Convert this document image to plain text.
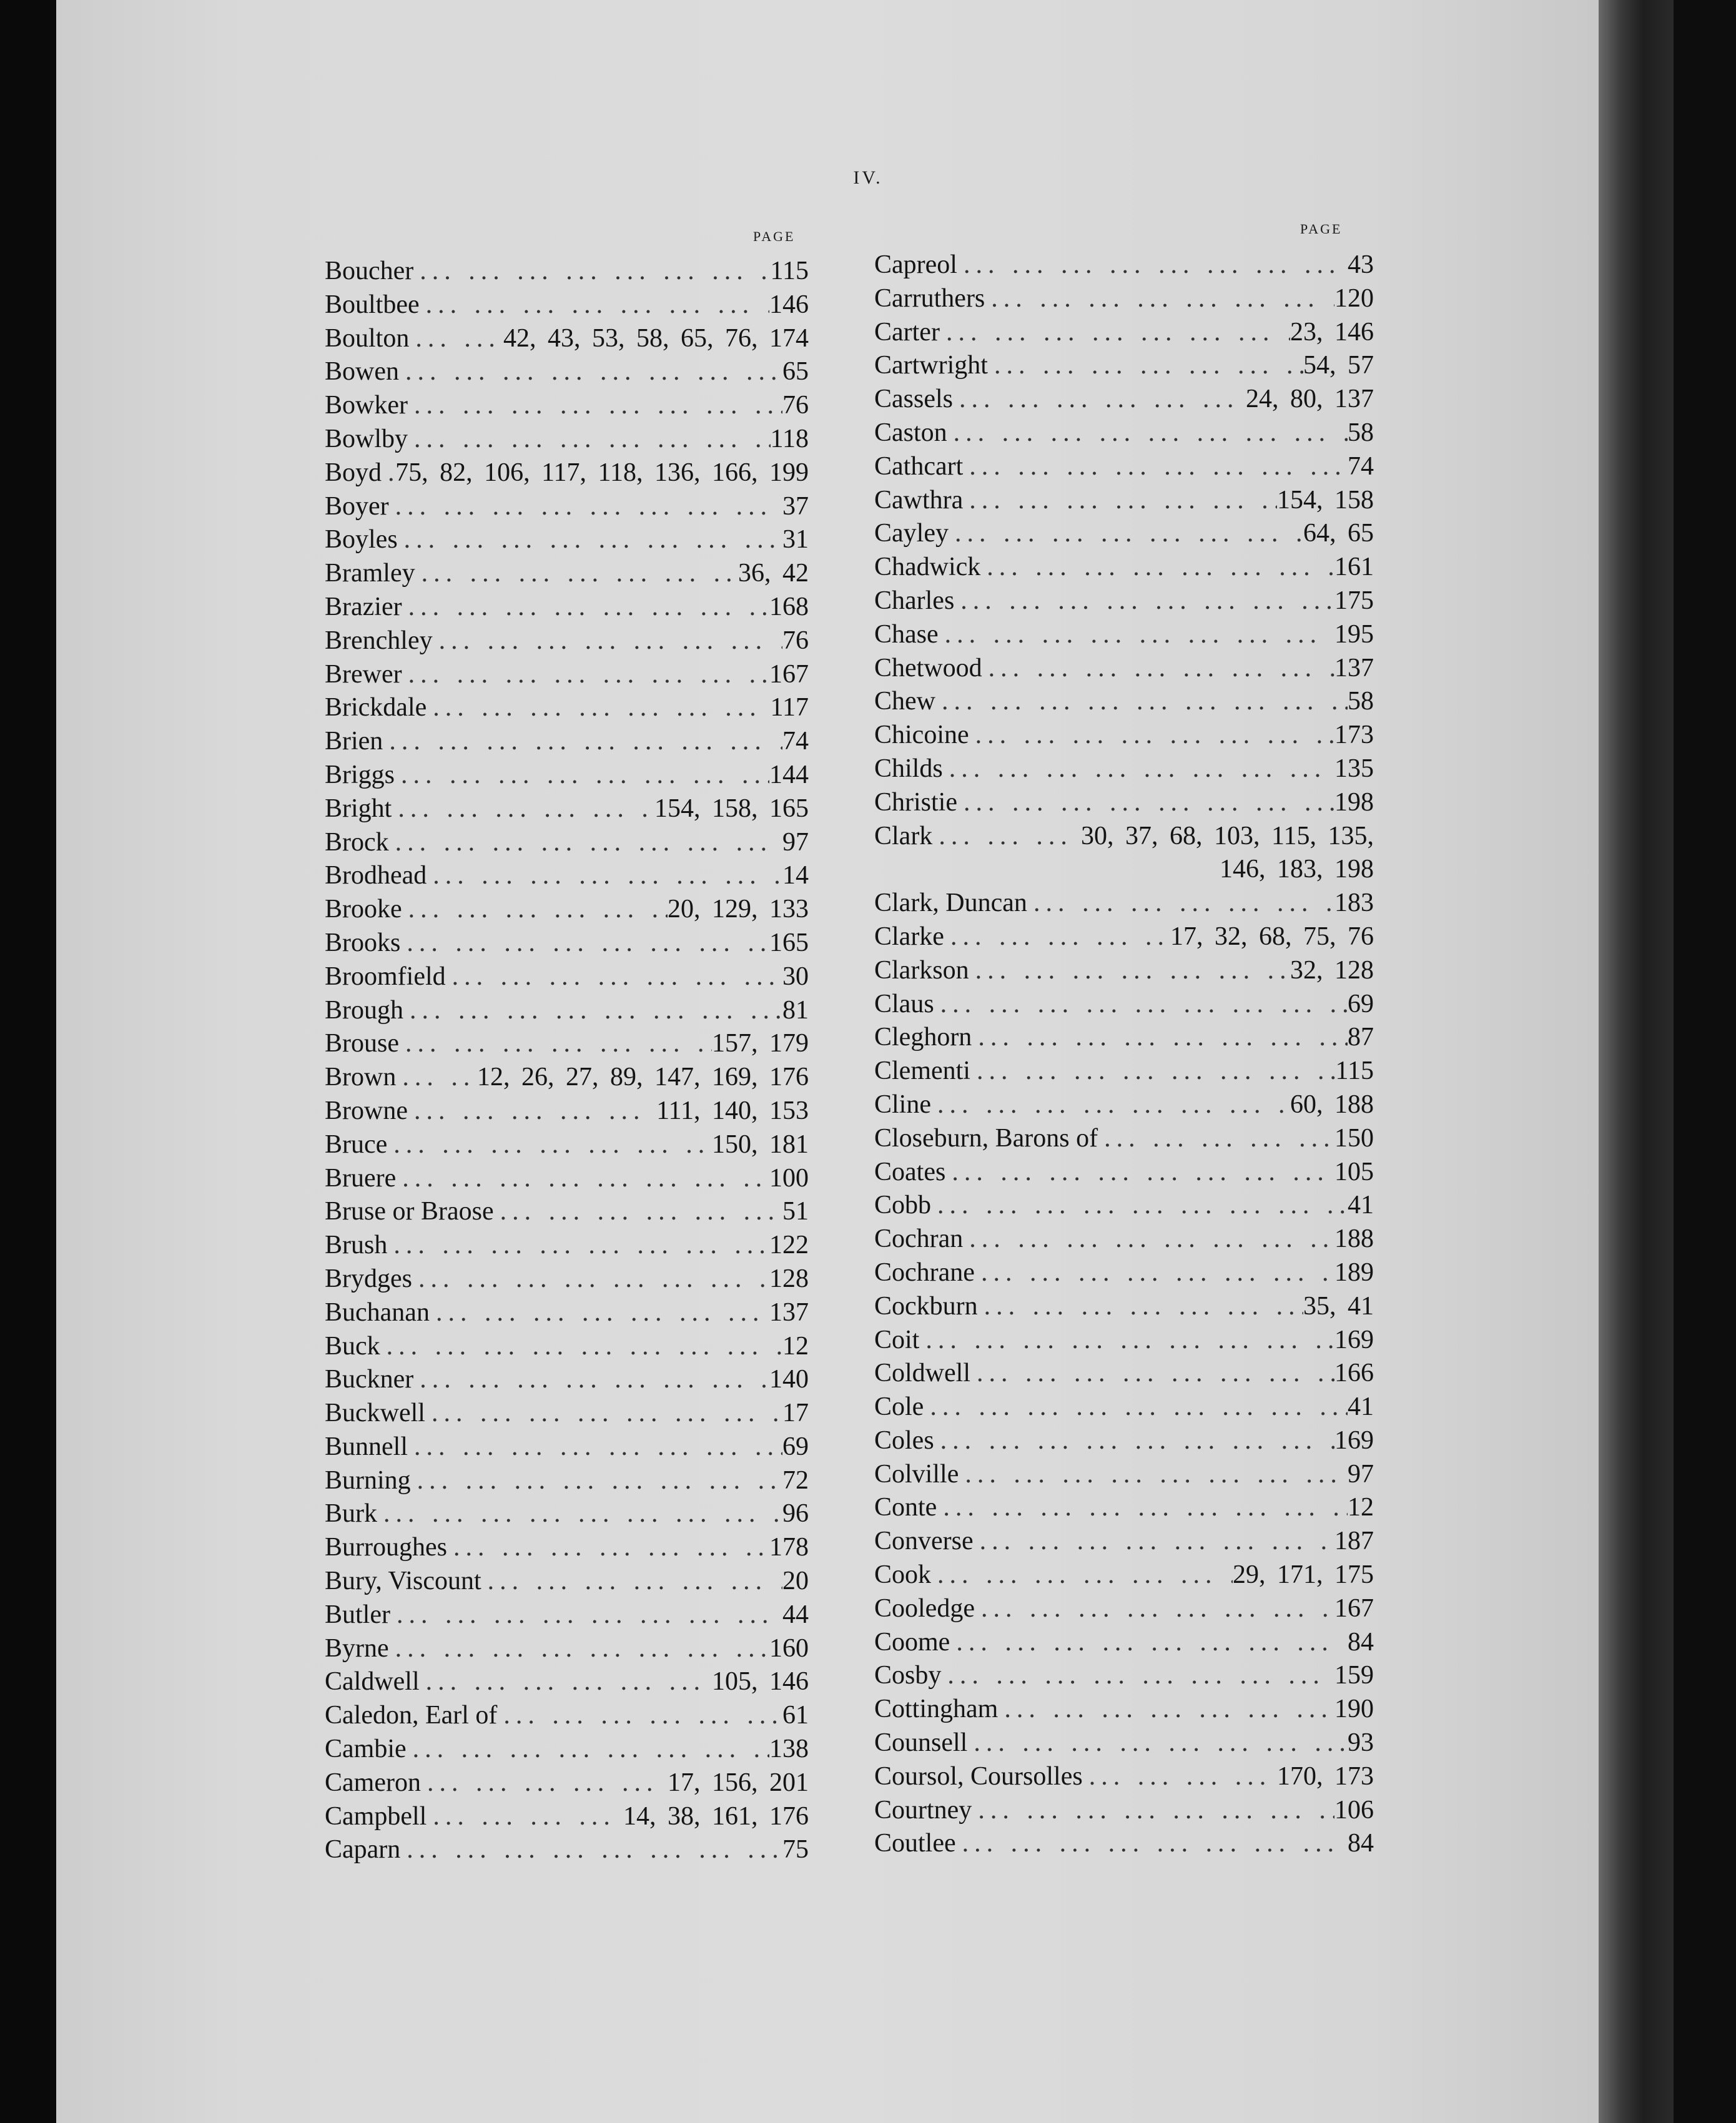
IV.
PAGE	PAGE
Boucher ... .	115
Boultbee ... .	146
Boulton ... .	42, 43, 53, 58, 65, 76, 174
Bowen ... .	65
Bowker ... .	76
Bowlby ... .	118
Boyd ... . 75, 82, 106, 117, 118, 136, 166, 199
Boyer ... .	37
Boyles ... .	31
Bramley ... .	36, 42
Brazier ... .	168
Brenchley ... .	76
Brewer ... .	167
Brickdale ... .	117
Brien ... .	74
Briggs ... .	144
Bright ... .	154, 158, 165
Brock ... .	97
Brodhead ... .	14
Brooke ... .	20, 129, 133
Brooks ... .	165
Broomfield ... .	30
Brough ... .	81
Brouse ... .	157, 179
Brown ... .	12, 26, 27, 89, 147, 169, 176
Browne ... .	111, 140, 153
Bruce ... .	150, 181
Bruere ... .	100
Bruse or Braose ... .	51
Brush ... .	122
Brydges ... .	128
Buchanan ... .	137
Buck ... .	12
Buckner ... .	140
Buckwell ... .	17
Bunnell ... .	69
Burning ... .	72
Burk ... .	96
Burroughes ... .	178
Bury, Viscount ... .	20
Butler ... .	44
Byrne ... .	160
Caldwell ... .	105, 146
Caledon, Earl of ... .	61
Cambie ... .	138
Cameron ... .	17, 156, 201
Campbell ... .	14, 38, 161, 176
Caparn ... .	75
Capreol ... .	43
Carruthers ... .	120
Carter ... .	23, 146
Cartwright ... .	54, 57
Cassels ... .	24, 80, 137
Caston ... .	58
Cathcart ... .	74
Cawthra ... .	154, 158
Cayley ... .	64, 65
Chadwick ... .	161
Charles ... .	175
Chase ... .	195
Chetwood ... .	137
Chew ... .	58
Chicoine ... .	173
Childs ... .	135
Christie ... .	198
Clark ... .	30, 37, 68, 103, 115, 135,
146, 183, 198
Clark, Duncan ... .	183
Clarke ... .	17, 32, 68, 75, 76
Clarkson ... .	32, 128
Claus ... .	69
Cleghorn ... .	87
Clementi ... .	115
Cline ... .	60, 188
Closeburn, Barons of ... .	150
Coates ... .	105
Cobb ... .	41
Cochran ... .	188
Cochrane ... .	189
Cockburn ... .	35, 41
Coit ... .	169
Coldwell ... .	166
Cole ... .	41
Coles ... .	169
Colville ... .	97
Conte ... .	12
Converse ... .	187
Cook ... .	29, 171, 175
Cooledge ... .	167
Coome ... .	84
Cosby ... .	159
Cottingham ... .	190
Counsell ... .	93
Coursol, Coursolles ... .	170, 173
Courtney ... .	106
Coutlee ... .	84
